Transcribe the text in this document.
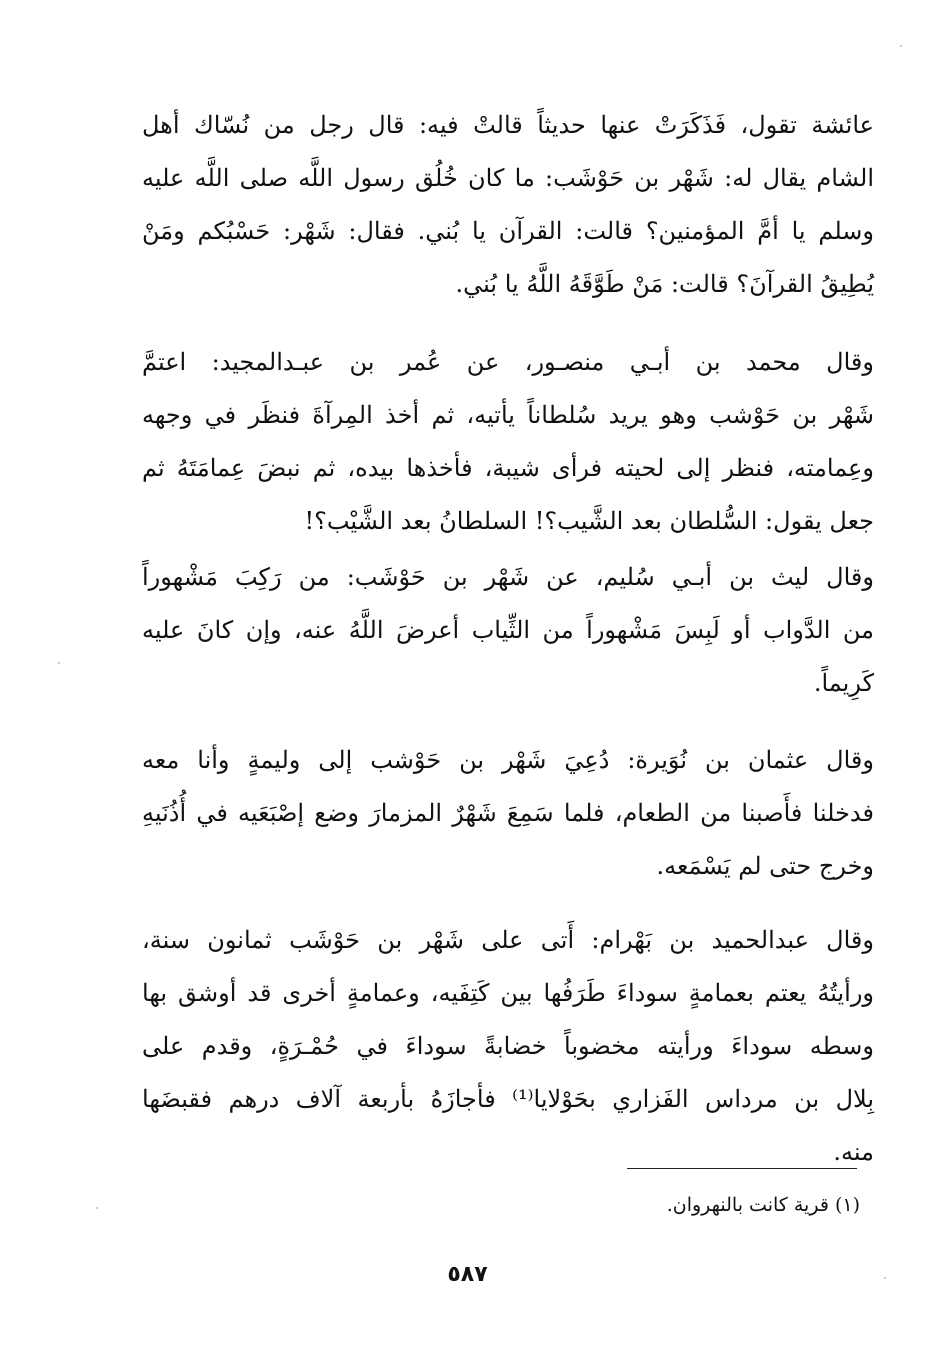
عائشة تقول، فَذَكَرَتْ عنها حديثاً قالتْ فيه: قال رجل من نُسّاك أهل
الشام يقال له: شَهْر بن حَوْشَب: ما كان خُلُق رسول اللَّه صلى اللَّه عليه
وسلم يا أمَّ المؤمنين؟ قالت: القرآن يا بُني. فقال: شَهْر: حَسْبُكم ومَنْ
يُطِيقُ القرآنَ؟ قالت: مَنْ طَوَّقَهُ اللَّهُ يا بُني.
وقال محمد بن أبـي منصـور، عن عُمر بن عبـدالمجيد: اعتمَّ
شَهْر بن حَوْشب وهو يريد سُلطاناً يأتيه، ثم أخذ المِرآةَ فنظَر في وجهه
وعِمامته، فنظر إلى لحيته فرأى شيبة، فأخذها بيده، ثم نبضَ عِمامَتَهُ ثم
جعل يقول: السُّلطان بعد الشَّيب؟! السلطانُ بعد الشَّيْب؟!
وقال ليث بن أبـي سُليم، عن شَهْر بن حَوْشَب: من رَكِبَ مَشْهوراً
من الدَّواب أو لَبِسَ مَشْهوراً من الثِّياب أعرضَ اللَّهُ عنه، وإن كانَ عليه
كَرِيماً.
وقال عثمان بن نُوَيرة: دُعِيَ شَهْر بن حَوْشب إلى وليمةٍ وأنا معه
فدخلنا فأَصبنا من الطعام، فلما سَمِعَ شَهْرٌ المزمارَ وضع إصْبَعَيه في أُذُنَيهِ
وخرج حتى لم يَسْمَعه.
وقال عبدالحميد بن بَهْرام: أَتى على شَهْر بن حَوْشَب ثمانون سنة،
ورأيتُهُ يعتم بعمامةٍ سوداءَ طَرَفُها بين كَتِفَيه، وعمامةٍ أخرى قد أوشق بها
وسطه سوداءَ ورأيته مخضوباً خضابةً سوداءَ في حُمْـرَةٍ، وقدم على
بِلال بن مرداس الفَزاري بحَوْلايا⁽¹⁾ فأجازَهُ بأربعة آلاف درهم فقبضَها
منه.
(١) قرية كانت بالنهروان.
٥٨٧
